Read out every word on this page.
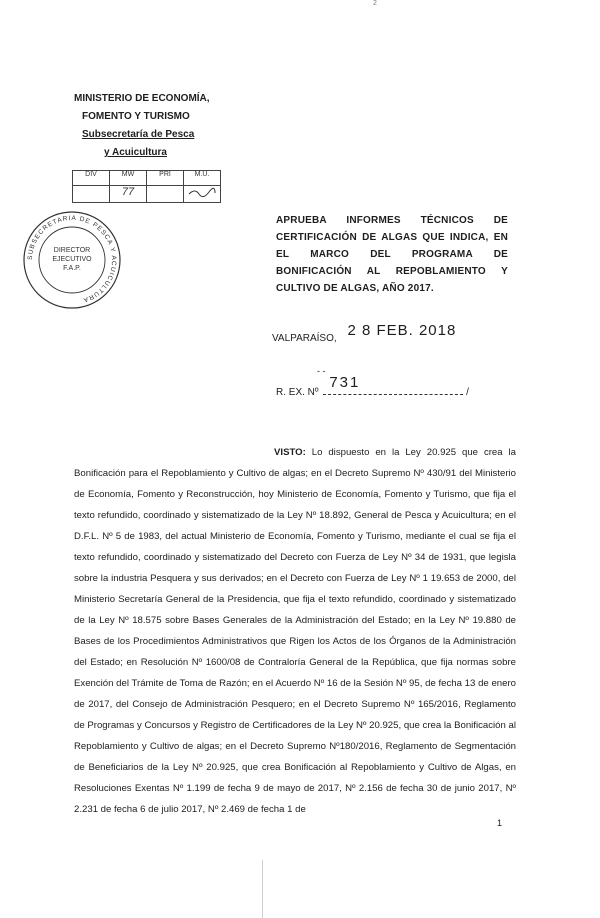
2
MINISTERIO DE ECONOMÍA,
FOMENTO Y TURISMO
Subsecretaría de Pesca
y Acuicultura
DIV	MW	PRI	M.U.
	77		
SUBSECRETARIA DE PESCA Y ACUICULTURA
DIRECTOR
EJECUTIVO
F.A.P.
APRUEBA INFORMES TÉCNICOS DE CERTIFICACIÓN DE ALGAS QUE INDICA, EN EL MARCO DEL PROGRAMA DE BONIFICACIÓN AL REPOBLAMIENTO Y CULTIVO DE ALGAS, AÑO 2017.
VALPARAÍSO, 2 8 FEB. 2018
- -
R. EX. Nº
731
/
VISTO: Lo dispuesto en la Ley 20.925 que crea la Bonificación para el Repoblamiento y Cultivo de algas; en el Decreto Supremo Nº 430/91 del Ministerio de Economía, Fomento y Reconstrucción, hoy Ministerio de Economía, Fomento y Turismo, que fija el texto refundido, coordinado y sistematizado de la Ley Nº 18.892, General de Pesca y Acuicultura; en el D.F.L. Nº 5 de 1983, del actual Ministerio de Economía, Fomento y Turismo, mediante el cual se fija el texto refundido, coordinado y sistematizado del Decreto con Fuerza de Ley Nº 34 de 1931, que legisla sobre la industria Pesquera y sus derivados; en el Decreto con Fuerza de Ley Nº 1 19.653 de 2000, del Ministerio Secretaría General de la Presidencia, que fija el texto refundido, coordinado y sistematizado de la Ley Nº 18.575 sobre Bases Generales de la Administración del Estado; en la Ley Nº 19.880 de Bases de los Procedimientos Administrativos que Rigen los Actos de los Órganos de la Administración del Estado; en Resolución Nº 1600/08 de Contraloría General de la República, que fija normas sobre Exención del Trámite de Toma de Razón; en el Acuerdo Nº 16 de la Sesión Nº 95, de fecha 13 de enero de 2017, del Consejo de Administración Pesquero; en el Decreto Supremo Nº 165/2016, Reglamento de Programas y Concursos y Registro de Certificadores de la Ley Nº 20.925, que crea la Bonificación al Repoblamiento y Cultivo de algas; en el Decreto Supremo Nº180/2016, Reglamento de Segmentación de Beneficiarios de la Ley Nº 20.925, que crea Bonificación al Repoblamiento y Cultivo de Algas, en Resoluciones Exentas Nº 1.199 de fecha 9 de mayo de 2017, Nº 2.156 de fecha 30 de junio 2017, Nº 2.231 de fecha 6 de julio 2017, Nº 2.469 de fecha 1 de
1
